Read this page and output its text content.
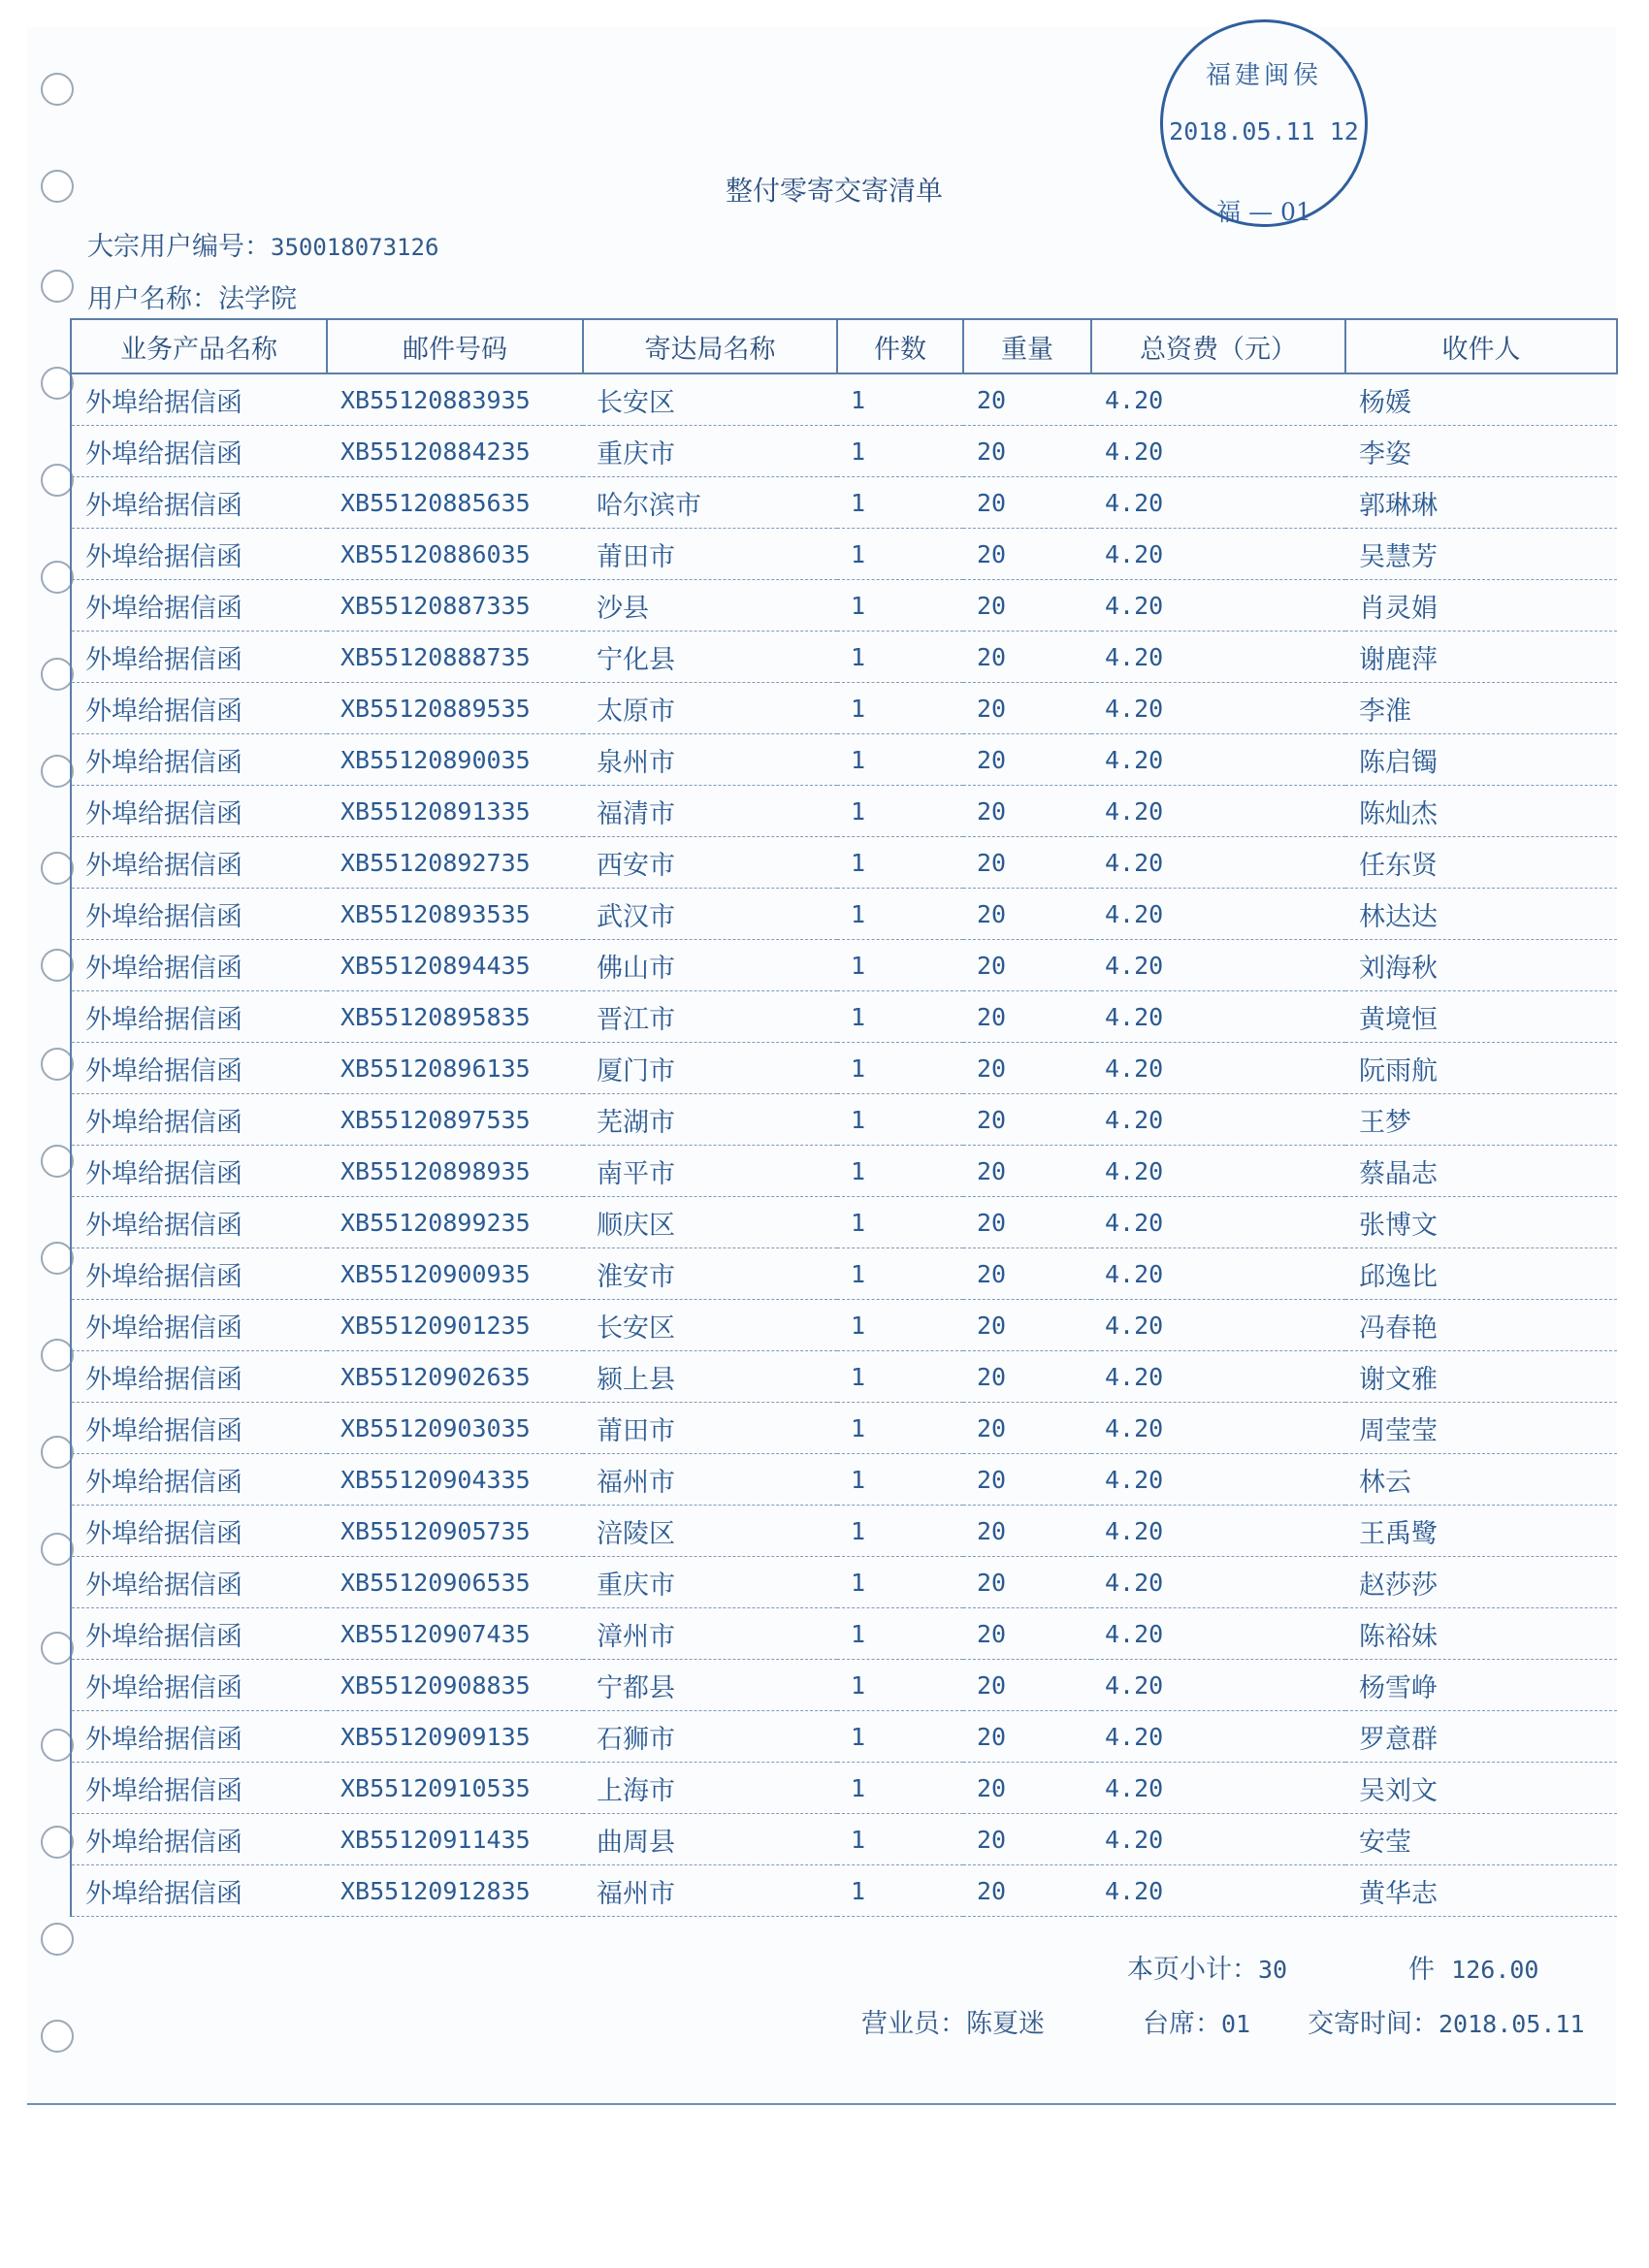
福建闽侯
2018.05.11 12
福 — 01
整付零寄交寄清单
大宗用户编号：350018073126
用户名称：法学院
业务产品名称	邮件号码	寄达局名称	件数	重量	总资费（元）	收件人
外埠给据信函	XB55120883935	长安区	1	20	4.20	杨媛
外埠给据信函	XB55120884235	重庆市	1	20	4.20	李姿
外埠给据信函	XB55120885635	哈尔滨市	1	20	4.20	郭琳琳
外埠给据信函	XB55120886035	莆田市	1	20	4.20	吴慧芳
外埠给据信函	XB55120887335	沙县	1	20	4.20	肖灵娟
外埠给据信函	XB55120888735	宁化县	1	20	4.20	谢鹿萍
外埠给据信函	XB55120889535	太原市	1	20	4.20	李淮
外埠给据信函	XB55120890035	泉州市	1	20	4.20	陈启镯
外埠给据信函	XB55120891335	福清市	1	20	4.20	陈灿杰
外埠给据信函	XB55120892735	西安市	1	20	4.20	任东贤
外埠给据信函	XB55120893535	武汉市	1	20	4.20	林达达
外埠给据信函	XB55120894435	佛山市	1	20	4.20	刘海秋
外埠给据信函	XB55120895835	晋江市	1	20	4.20	黄境恒
外埠给据信函	XB55120896135	厦门市	1	20	4.20	阮雨航
外埠给据信函	XB55120897535	芜湖市	1	20	4.20	王梦
外埠给据信函	XB55120898935	南平市	1	20	4.20	蔡晶志
外埠给据信函	XB55120899235	顺庆区	1	20	4.20	张博文
外埠给据信函	XB55120900935	淮安市	1	20	4.20	邱逸比
外埠给据信函	XB55120901235	长安区	1	20	4.20	冯春艳
外埠给据信函	XB55120902635	颍上县	1	20	4.20	谢文雅
外埠给据信函	XB55120903035	莆田市	1	20	4.20	周莹莹
外埠给据信函	XB55120904335	福州市	1	20	4.20	林云
外埠给据信函	XB55120905735	涪陵区	1	20	4.20	王禹鹭
外埠给据信函	XB55120906535	重庆市	1	20	4.20	赵莎莎
外埠给据信函	XB55120907435	漳州市	1	20	4.20	陈裕妹
外埠给据信函	XB55120908835	宁都县	1	20	4.20	杨雪峥
外埠给据信函	XB55120909135	石狮市	1	20	4.20	罗意群
外埠给据信函	XB55120910535	上海市	1	20	4.20	吴刘文
外埠给据信函	XB55120911435	曲周县	1	20	4.20	安莹
外埠给据信函	XB55120912835	福州市	1	20	4.20	黄华志
本页小计：30	件 126.00
营业员：陈夏迷	台席：01 交寄时间：2018.05.11
